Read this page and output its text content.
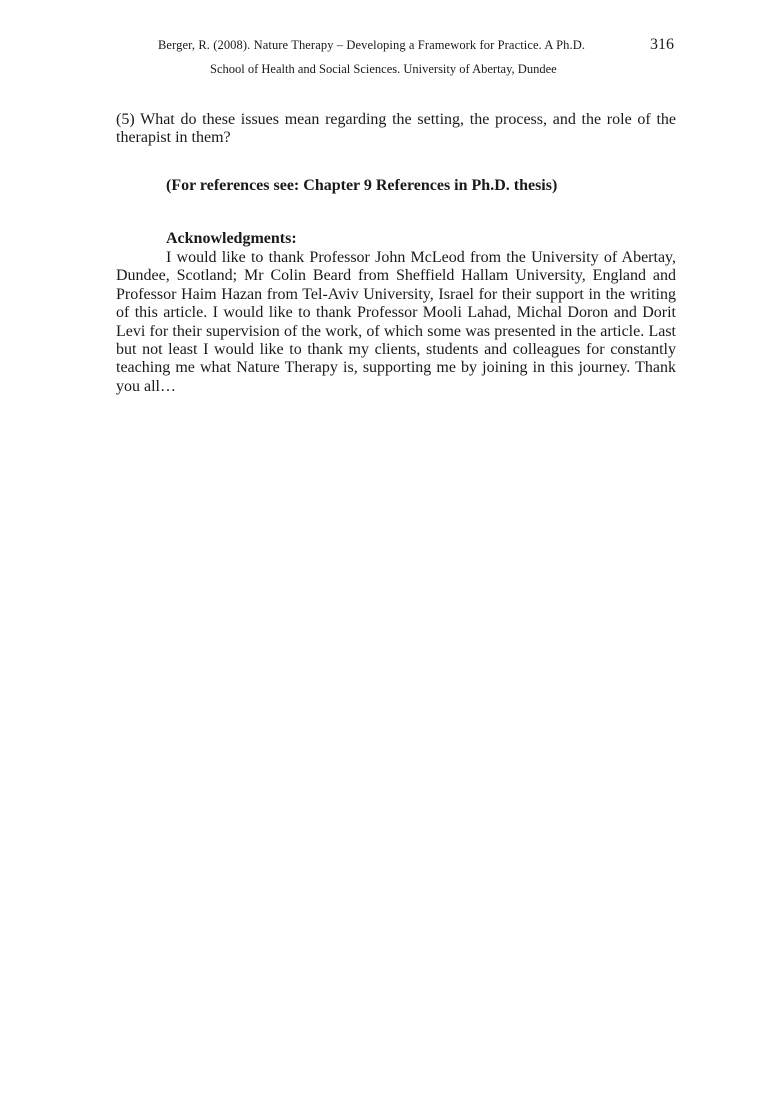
Berger, R. (2008). Nature Therapy – Developing a Framework for Practice. A Ph.D.	316
School of Health and Social Sciences. University of Abertay, Dundee

(5) What do these issues mean regarding the setting, the process, and the role of the therapist in them?

(For references see: Chapter 9 References in Ph.D. thesis)
Acknowledgments:

I would like to thank Professor John McLeod from the University of Abertay, Dundee, Scotland; Mr Colin Beard from Sheffield Hallam University, England and Professor Haim Hazan from Tel-Aviv University, Israel for their support in the writing of this article. I would like to thank Professor Mooli Lahad, Michal Doron and Dorit Levi for their supervision of the work, of which some was presented in the article. Last but not least I would like to thank my clients, students and colleagues for constantly teaching me what Nature Therapy is, supporting me by joining in this journey. Thank you all…
